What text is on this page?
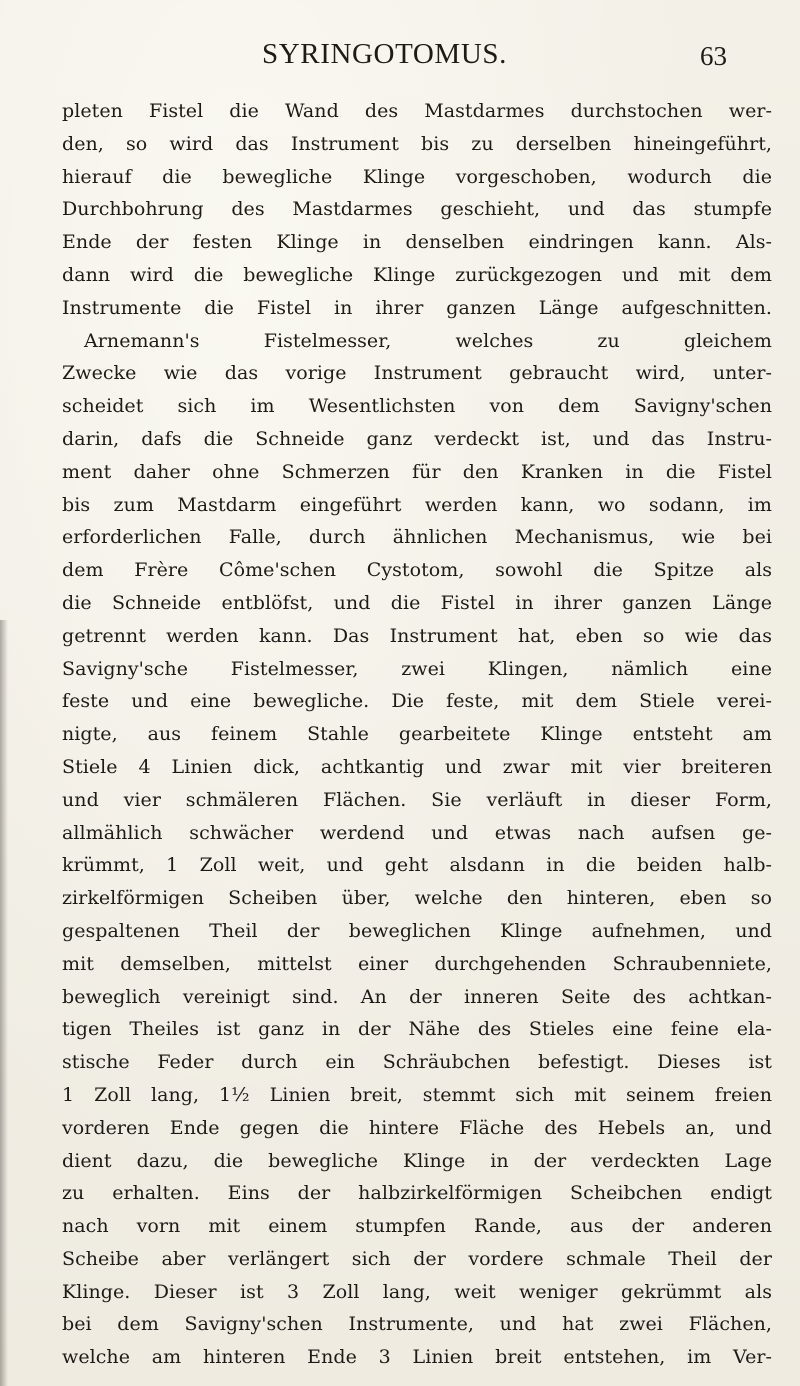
SYRINGOTOMUS.	63
pleten Fistel die Wand des Mastdarmes durchstochen wer-
den, so wird das Instrument bis zu derselben hineingeführt,
hierauf die bewegliche Klinge vorgeschoben, wodurch die
Durchbohrung des Mastdarmes geschieht, und das stumpfe
Ende der festen Klinge in denselben eindringen kann. Als-
dann wird die bewegliche Klinge zurückgezogen und mit dem
Instrumente die Fistel in ihrer ganzen Länge aufgeschnitten.
Arnemann's Fistelmesser, welches zu gleichem
Zwecke wie das vorige Instrument gebraucht wird, unter-
scheidet sich im Wesentlichsten von dem Savigny'schen
darin, dafs die Schneide ganz verdeckt ist, und das Instru-
ment daher ohne Schmerzen für den Kranken in die Fistel
bis zum Mastdarm eingeführt werden kann, wo sodann, im
erforderlichen Falle, durch ähnlichen Mechanismus, wie bei
dem Frère Côme'schen Cystotom, sowohl die Spitze als
die Schneide entblöfst, und die Fistel in ihrer ganzen Länge
getrennt werden kann. Das Instrument hat, eben so wie das
Savigny'sche Fistelmesser, zwei Klingen, nämlich eine
feste und eine bewegliche. Die feste, mit dem Stiele verei-
nigte, aus feinem Stahle gearbeitete Klinge entsteht am
Stiele 4 Linien dick, achtkantig und zwar mit vier breiteren
und vier schmäleren Flächen. Sie verläuft in dieser Form,
allmählich schwächer werdend und etwas nach aufsen ge-
krümmt, 1 Zoll weit, und geht alsdann in die beiden halb-
zirkelförmigen Scheiben über, welche den hinteren, eben so
gespaltenen Theil der beweglichen Klinge aufnehmen, und
mit demselben, mittelst einer durchgehenden Schraubenniete,
beweglich vereinigt sind. An der inneren Seite des achtkan-
tigen Theiles ist ganz in der Nähe des Stieles eine feine ela-
stische Feder durch ein Schräubchen befestigt. Dieses ist
1 Zoll lang, 1½ Linien breit, stemmt sich mit seinem freien
vorderen Ende gegen die hintere Fläche des Hebels an, und
dient dazu, die bewegliche Klinge in der verdeckten Lage
zu erhalten. Eins der halbzirkelförmigen Scheibchen endigt
nach vorn mit einem stumpfen Rande, aus der anderen
Scheibe aber verlängert sich der vordere schmale Theil der
Klinge. Dieser ist 3 Zoll lang, weit weniger gekrümmt als
bei dem Savigny'schen Instrumente, und hat zwei Flächen,
welche am hinteren Ende 3 Linien breit entstehen, im Ver-
